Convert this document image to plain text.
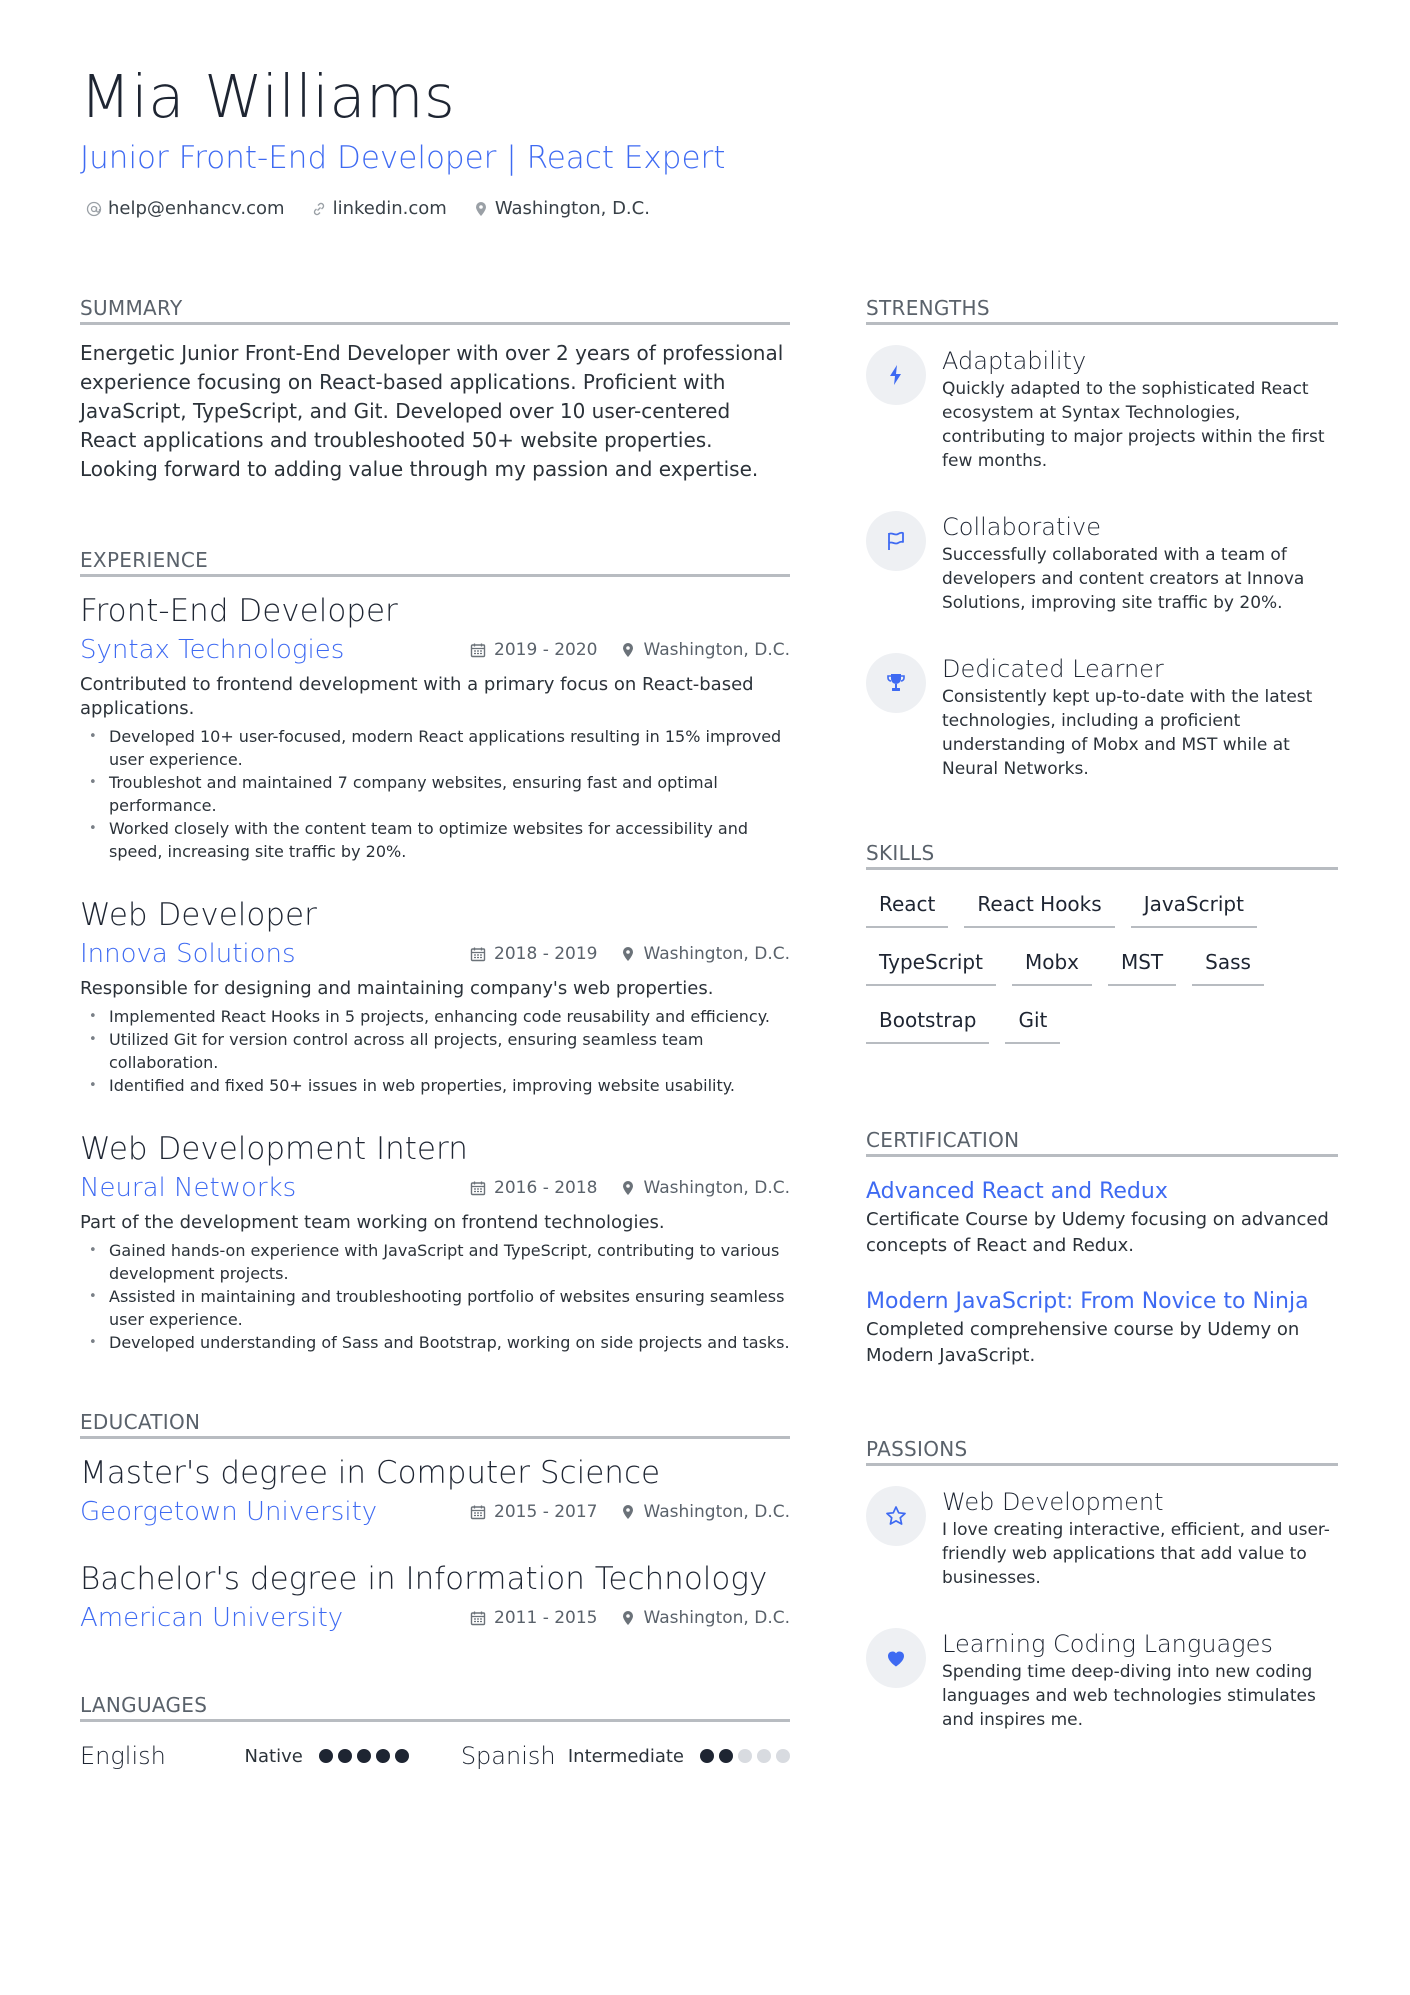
Mia Williams
Junior Front-End Developer | React Expert
help@enhancv.com	linkedin.com	Washington, D.C.
SUMMARY
Energetic Junior Front-End Developer with over 2 years of professional experience focusing on React-based applications. Proficient with JavaScript, TypeScript, and Git. Developed over 10 user-centered React applications and troubleshooted 50+ website properties. Looking forward to adding value through my passion and expertise.
EXPERIENCE
Front-End Developer
Syntax Technologies	2019 - 2020	Washington, D.C.
Contributed to frontend development with a primary focus on React-based applications.
• Developed 10+ user-focused, modern React applications resulting in 15% improved user experience.
• Troubleshot and maintained 7 company websites, ensuring fast and optimal performance.
• Worked closely with the content team to optimize websites for accessibility and speed, increasing site traffic by 20%.
Web Developer
Innova Solutions	2018 - 2019	Washington, D.C.
Responsible for designing and maintaining company's web properties.
• Implemented React Hooks in 5 projects, enhancing code reusability and efficiency.
• Utilized Git for version control across all projects, ensuring seamless team collaboration.
• Identified and fixed 50+ issues in web properties, improving website usability.
Web Development Intern
Neural Networks	2016 - 2018	Washington, D.C.
Part of the development team working on frontend technologies.
• Gained hands-on experience with JavaScript and TypeScript, contributing to various development projects.
• Assisted in maintaining and troubleshooting portfolio of websites ensuring seamless user experience.
• Developed understanding of Sass and Bootstrap, working on side projects and tasks.
EDUCATION
Master's degree in Computer Science
Georgetown University	2015 - 2017	Washington, D.C.
Bachelor's degree in Information Technology
American University	2011 - 2015	Washington, D.C.
LANGUAGES
English	Native	Spanish Intermediate
STRENGTHS
Adaptability
Quickly adapted to the sophisticated React ecosystem at Syntax Technologies, contributing to major projects within the first few months.
Collaborative
Successfully collaborated with a team of developers and content creators at Innova Solutions, improving site traffic by 20%.
Dedicated Learner
Consistently kept up-to-date with the latest technologies, including a proficient understanding of Mobx and MST while at Neural Networks.
SKILLS
React	React Hooks	JavaScript
TypeScript	Mobx	MST	Sass
Bootstrap	Git
CERTIFICATION
Advanced React and Redux
Certificate Course by Udemy focusing on advanced concepts of React and Redux.
Modern JavaScript: From Novice to Ninja
Completed comprehensive course by Udemy on Modern JavaScript.
PASSIONS
Web Development
I love creating interactive, efficient, and user-friendly web applications that add value to businesses.
Learning Coding Languages
Spending time deep-diving into new coding languages and web technologies stimulates and inspires me.
